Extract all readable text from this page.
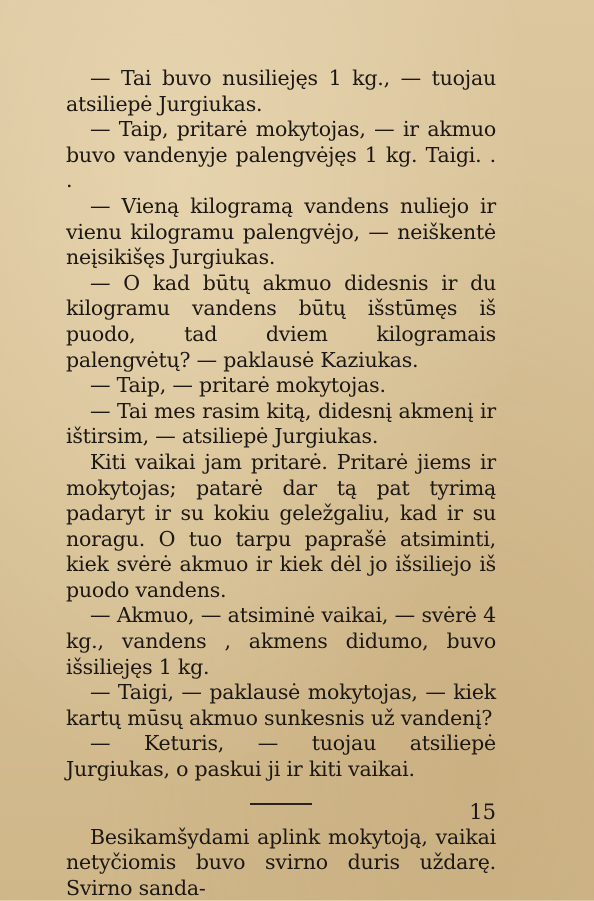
— Tai buvo nusiliejęs 1 kg., — tuojau atsiliepė Jurgiukas.

— Taip, pritarė mokytojas, — ir akmuo buvo vandenyje palengvėjęs 1 kg. Taigi. . .

— Vieną kilogramą vandens nuliejo ir vienu kilogramu palengvėjo, — neiškentė neįsikišęs Jurgiukas.

— O kad būtų akmuo didesnis ir du kilogramu vandens būtų išstūmęs iš puodo, tad dviem kilogramais palengvėtų? — paklausė Kaziukas.

— Taip, — pritarė mokytojas.

— Tai mes rasim kitą, didesnį akmenį ir ištirsim, — atsiliepė Jurgiukas.

Kiti vaikai jam pritarė. Pritarė jiems ir mokytojas; patarė dar tą pat tyrimą padaryt ir su kokiu geležgaliu, kad ir su noragu. O tuo tarpu paprašė atsiminti, kiek svėrė akmuo ir kiek dėl jo išsiliejo iš puodo vandens.

— Akmuo, — atsiminė vaikai, — svėrė 4 kg., vandens , akmens didumo, buvo išsiliejęs 1 kg.

— Taigi, — paklausė mokytojas, — kiek kartų mūsų akmuo sunkesnis už vandenį?

— Keturis, — tuojau atsiliepė Jurgiukas, o paskui ji ir kiti vaikai.

Besikamšydami aplink mokytoją, vaikai netyčiomis buvo svirno duris uždarę. Svirno sanda-

15
